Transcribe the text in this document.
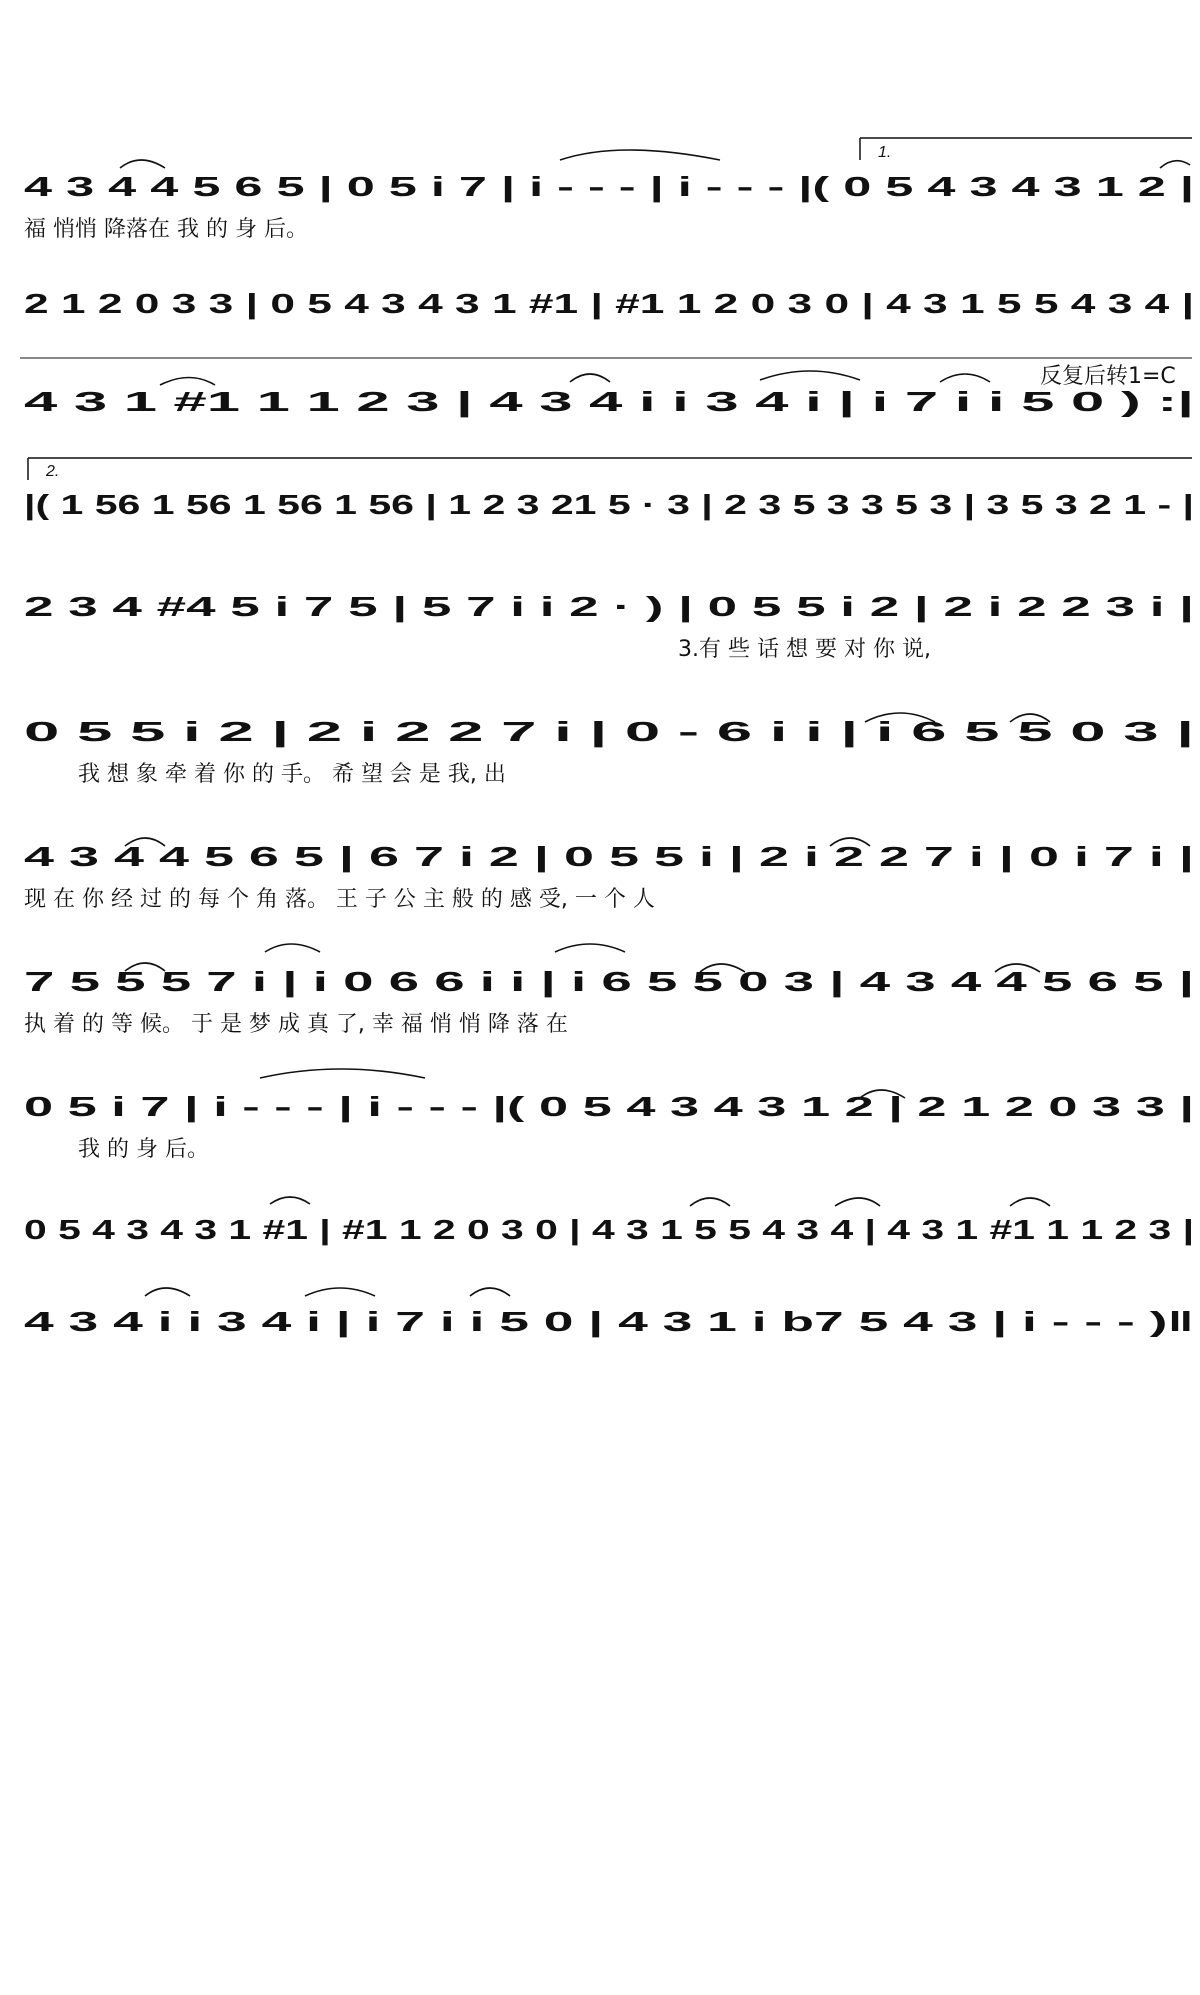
1.
反复后转1=C
2.
4 3 4 4 5 6 5 | 0 5 i 7 | i - - - | i - - - |( 0 5 4 3 4 3 1 2 |
福 悄悄 降落在 我 的 身 后。
2 1 2 0 3 3 | 0 5 4 3 4 3 1 #1 | #1 1 2 0 3 0 | 4 3 1 5 5 4 3 4 |
4 3 1 #1 1 1 2 3 | 4 3 4 i i 3 4 i | i 7 i i 5 0 ) :|
|( 1 56 1 56 1 56 1 56 | 1 2 3 21 5 · 3 | 2 3 5 3 3 5 3 | 3 5 3 2 1 - |
2 3 4 #4 5 i 7 5 | 5 7 i i 2 · ) | 0 5 5 i 2 | 2 i 2 2 3 i |
3.有 些 话 想 要 对 你 说,
0 5 5 i 2 | 2 i 2 2 7 i | 0 - 6 i i | i 6 5 5 0 3 |
我 想 象 牵 着 你 的 手。 希 望 会 是 我, 出
4 3 4 4 5 6 5 | 6 7 i 2 | 0 5 5 i | 2 i 2 2 7 i | 0 i 7 i |
现 在 你 经 过 的 每 个 角 落。 王 子 公 主 般 的 感 受, 一 个 人
7 5 5 5 7 i | i 0 6 6 i i | i 6 5 5 0 3 | 4 3 4 4 5 6 5 |
执 着 的 等 候。 于 是 梦 成 真 了, 幸 福 悄 悄 降 落 在
0 5 i 7 | i - - - | i - - - |( 0 5 4 3 4 3 1 2 | 2 1 2 0 3 3 |
我 的 身 后。
0 5 4 3 4 3 1 #1 | #1 1 2 0 3 0 | 4 3 1 5 5 4 3 4 | 4 3 1 #1 1 1 2 3 |
4 3 4 i i 3 4 i | i 7 i i 5 0 | 4 3 1 i b7 5 4 3 | i - - - )‖
